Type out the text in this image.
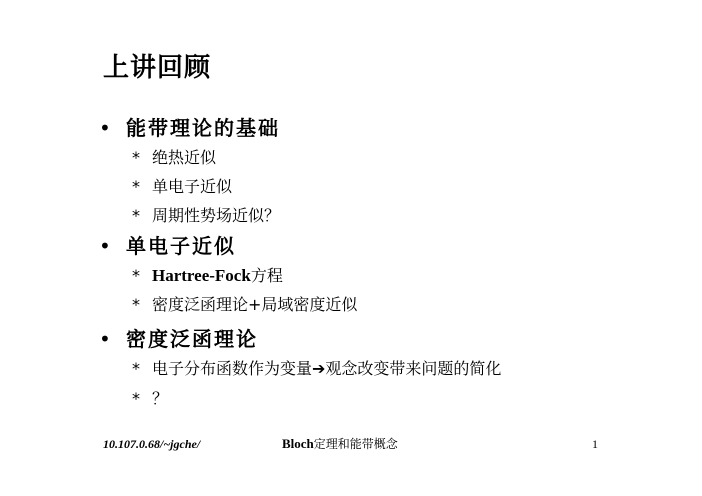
上讲回顾
• 能带理论的基础
* 绝热近似
* 单电子近似
* 周期性势场近似？
• 单电子近似
* Hartree-Fock方程
* 密度泛函理论+局域密度近似
• 密度泛函理论
* 电子分布函数作为变量➔观念改变带来问题的简化
* ？
10.107.0.68/~jgche/	Bloch定理和能带概念	1
